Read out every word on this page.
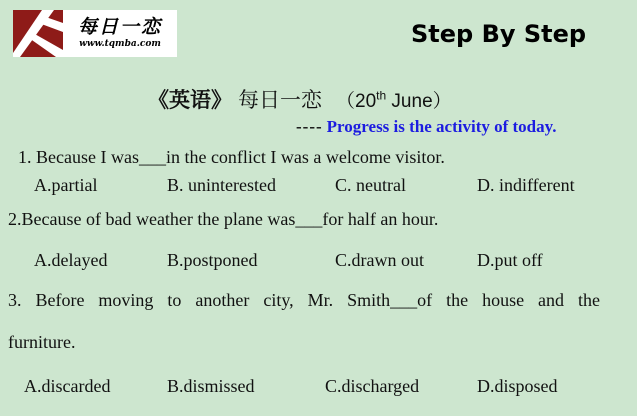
每日一恋
www.tqmba.com	Step By Step
《英语》 每日一恋 （20th June）
---- Progress is the activity of today.
1. Because I was___in the conflict I was a welcome visitor.
A.partial	B. uninterested	C. neutral	D. indifferent
2.Because of bad weather the plane was___for half an hour.
A.delayed	B.postponed	C.drawn out	D.put off
3. Before moving to another city, Mr. Smith___of the house and the
furniture.
A.discarded	B.dismissed	C.discharged	D.disposed
